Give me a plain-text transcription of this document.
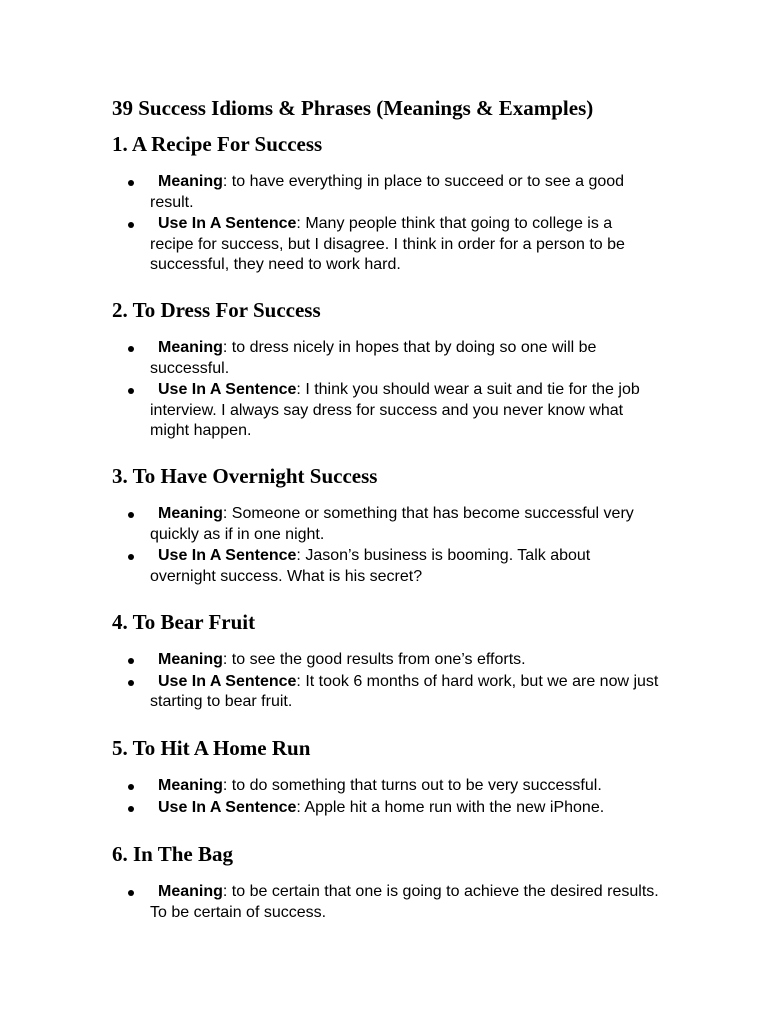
39 Success Idioms & Phrases (Meanings & Examples)
1. A Recipe For Success
Meaning: to have everything in place to succeed or to see a good result.
Use In A Sentence: Many people think that going to college is a recipe for success, but I disagree. I think in order for a person to be successful, they need to work hard.
2. To Dress For Success
Meaning: to dress nicely in hopes that by doing so one will be successful.
Use In A Sentence: I think you should wear a suit and tie for the job interview. I always say dress for success and you never know what might happen.
3. To Have Overnight Success
Meaning: Someone or something that has become successful very quickly as if in one night.
Use In A Sentence: Jason’s business is booming. Talk about overnight success. What is his secret?
4. To Bear Fruit
Meaning: to see the good results from one’s efforts.
Use In A Sentence: It took 6 months of hard work, but we are now just starting to bear fruit.
5. To Hit A Home Run
Meaning: to do something that turns out to be very successful.
Use In A Sentence: Apple hit a home run with the new iPhone.
6. In The Bag
Meaning: to be certain that one is going to achieve the desired results. To be certain of success.
